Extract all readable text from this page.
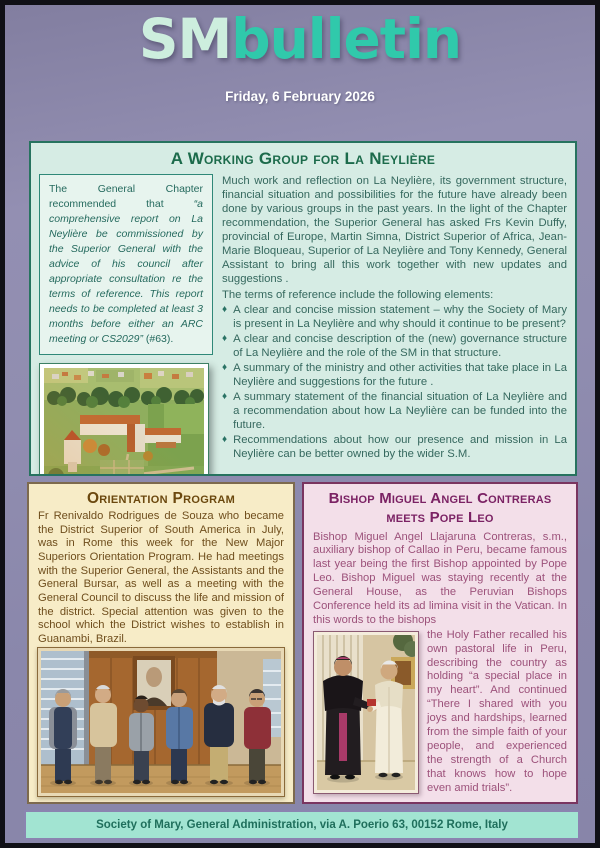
SMbulletin
Friday, 6 February 2026
A Working Group for La Neylière
The General Chapter recommended that “a comprehensive report on La Neylière be commissioned by the Superior General with the advice of his council after appropriate consultation re the terms of reference. This report needs to be completed at least 3 months before either an ARC meeting or CS2029” (#63).
Much work and reflection on La Neylière, its government structure, financial situation and possibilities for the future have already been done by various groups in the past years. In the light of the Chapter recommendation, the Superior General has asked Frs Kevin Duffy, provincial of Europe, Martin Simna, District Superior of Africa, Jean-Marie Bloqueau, Superior of La Neylière and Tony Kennedy, General Assistant to bring all this work together with new updates and suggestions .
The terms of reference include the following elements:
♦ A clear and concise mission statement – why the Society of Mary is present in La Neylière and why should it continue to be present?
♦ A clear and concise description of the (new) governance structure of La Neylière and the role of the SM in that structure.
♦ A summary of the ministry and other activities that take place in La Neylière and suggestions for the future .
♦ A summary statement of the financial situation of La Neylière and a recommendation about how La Neylière can be funded into the future.
♦ Recommendations about how our presence and mission in La Neylière can be better owned by the wider S.M.
Orientation Program
Fr Renivaldo Rodrigues de Souza who became the District Superior of South America in July, was in Rome this week for the New Major Superiors Orientation Program. He had meetings with the Superior General, the Assistants and the General Bursar, as well as a meeting with the General Council to discuss the life and mission of the district. Special attention was given to the school which the District wishes to establish in Guanambi, Brazil.
Bishop Miguel Angel Contreras meets Pope Leo
Bishop Miguel Angel Llajaruna Contreras, s.m., auxiliary bishop of Callao in Peru, became famous last year being the first Bishop appointed by Pope Leo. Bishop Miguel was staying recently at the General House, as the Peruvian Bishops Conference held its ad limina visit in the Vatican. In this words to the bishops
the Holy Father recalled his own pastoral life in Peru, describing the country as holding “a special place in my heart”. And continued “There I shared with you joys and hardships, learned from the simple faith of your people, and experienced the strength of a Church that knows how to hope even amid trials”.
Society of Mary, General Administration, via A. Poerio 63, 00152 Rome, Italy
